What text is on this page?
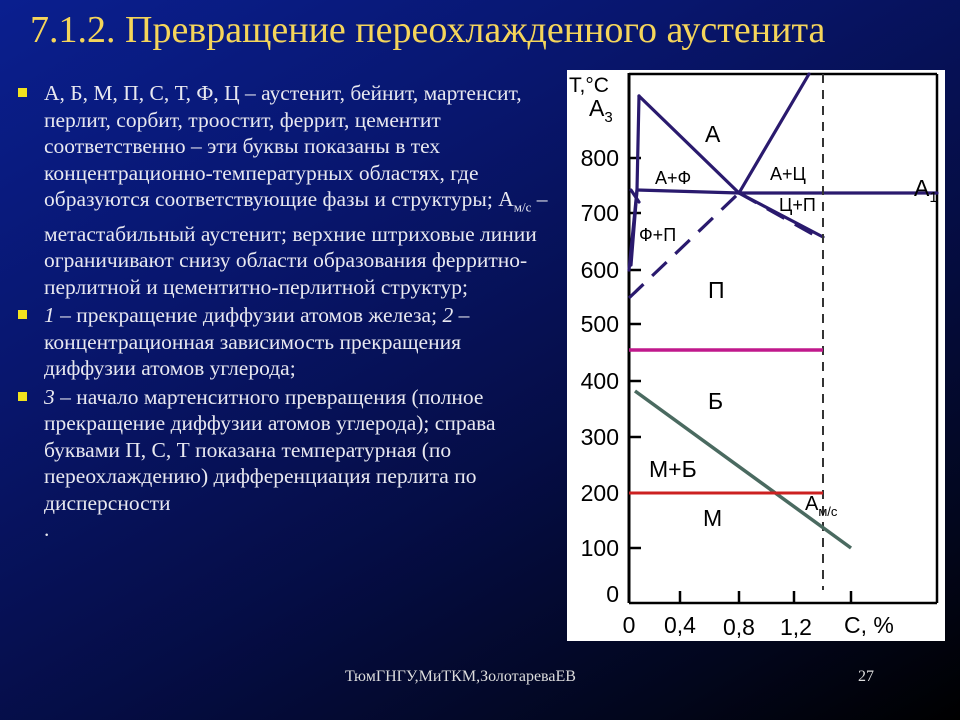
7.1.2. Превращение переохлажденного аустенита
А, Б, М, П, С, Т, Ф, Ц – аустенит, бейнит, мартенсит, перлит, сорбит, троостит, феррит, цементит соответственно – эти буквы показаны в тех концентрационно-температурных областях, где образуются соответствующие фазы и структуры; $А_{м/с}$ – метастабильный аустенит; верхние штриховые линии ограничивают снизу области образования ферритно-перлитной и цементитно-перлитной структур;
1 – прекращение диффузии атомов железа; 2 – концентрационная зависимость прекращения диффузии атомов углерода;
3 – начало мартенситного превращения (полное прекращение диффузии атомов углерода); справа буквами П, С, Т показана температурная (по переохлаждению) дифференциация перлита по дисперсности
.
Т,°С
С, %
800
700
600
500
400
300
200
100
0
0 0,4 0,8 1,2
А
А+Ф	А+Ц
Ф+П
Ц+П
П
Б
М+Б
М
$А_3$
$А_1$
$А_{м/с}$
ТюмГНГУ,МиТКМ,ЗолотареваЕВ	27
